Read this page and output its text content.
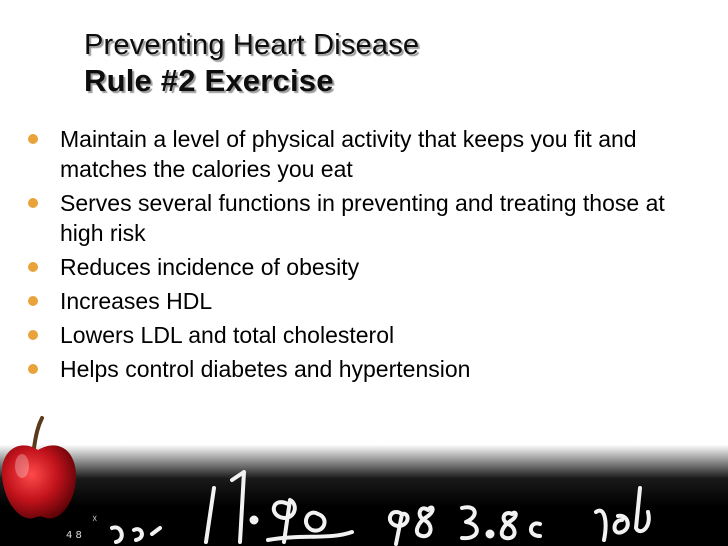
Preventing Heart Disease
Rule #2 Exercise
Maintain a level of physical activity that keeps you fit and matches the calories you eat
Serves several functions in preventing and treating those at high risk
Reduces incidence of obesity
Increases HDL
Lowers LDL and total cholesterol
Helps control diabetes and hypertension
4 8
☓
